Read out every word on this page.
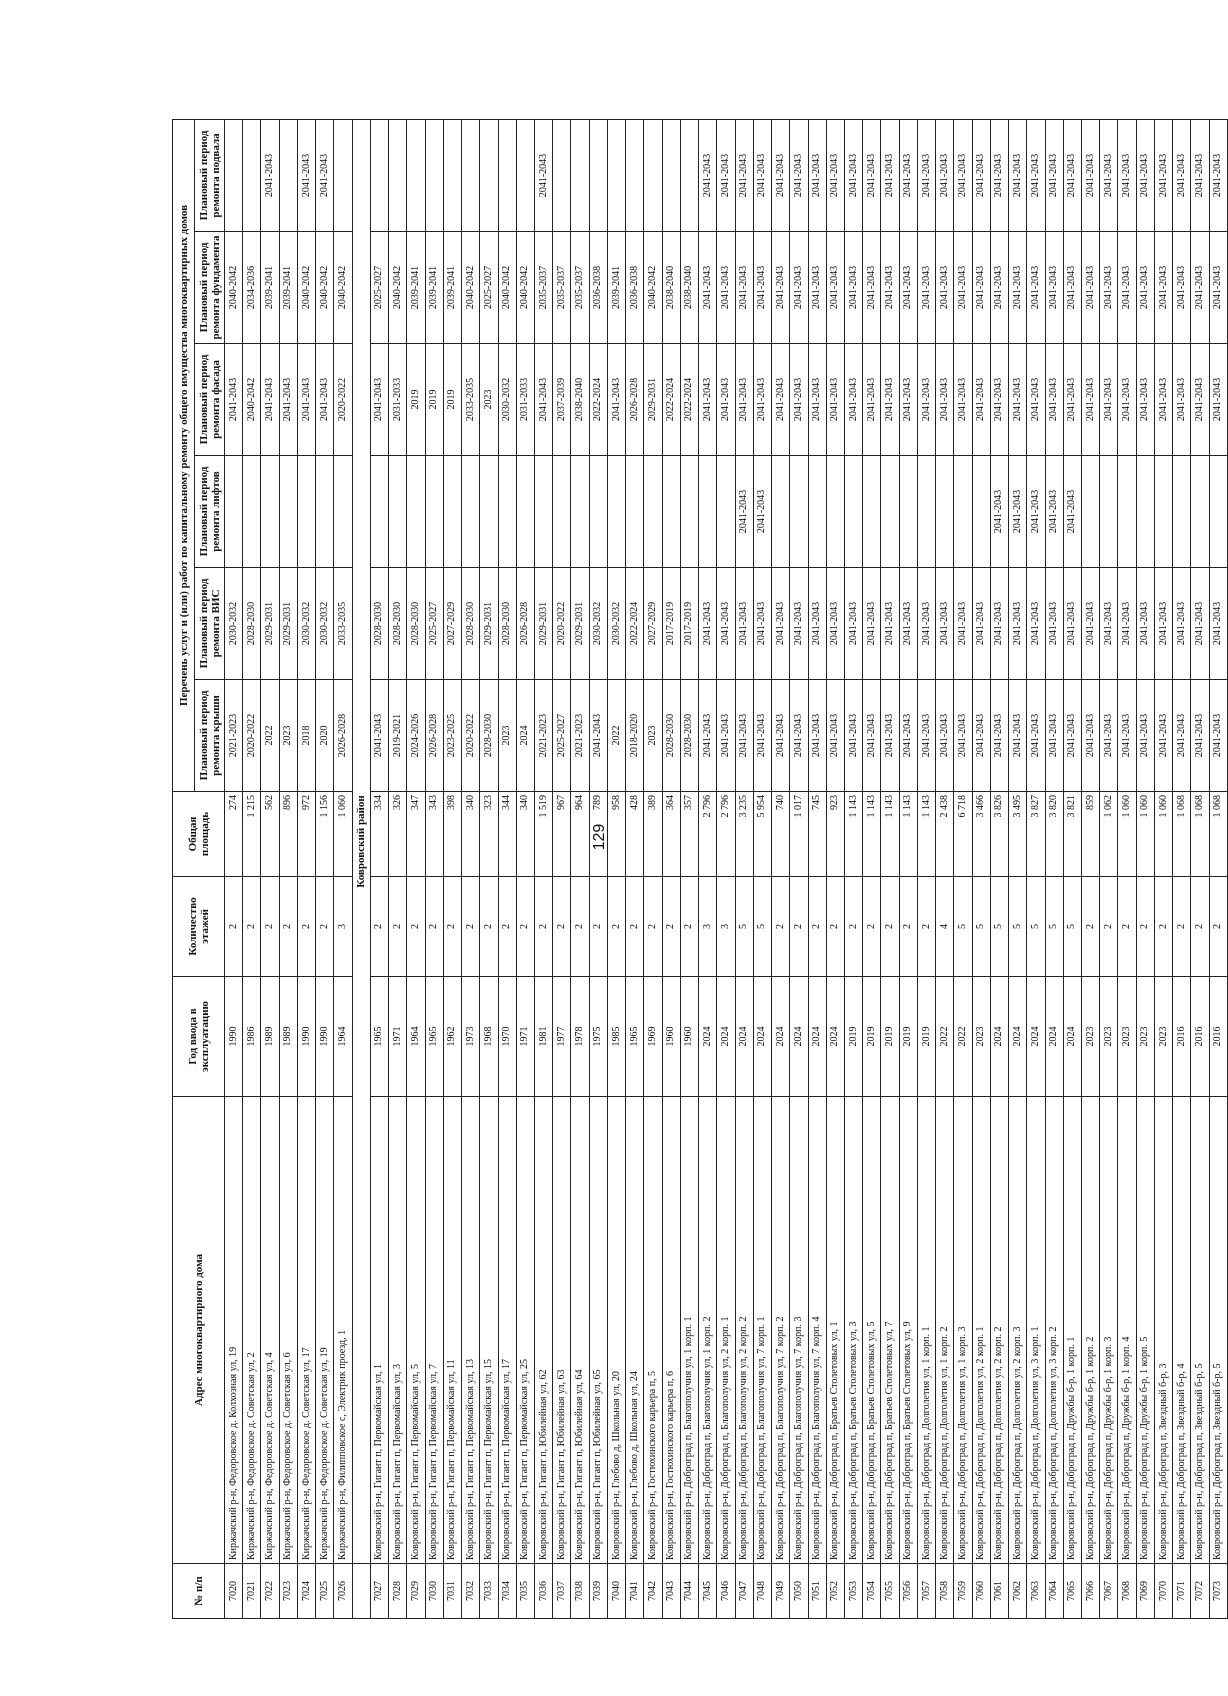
129
№ п/п	Адрес многоквартирного дома	Год ввода в эксплуатацию	Количество этажей	Общая площадь	Перечень услуг и (или) работ по капитальному ремонту общего имущества многоквартирных домов					
					Плановый период ремонта крыши	Плановый период ремонта ВИС	Плановый период ремонта лифтов	Плановый период ремонта фасада	Плановый период ремонта фундамента	Плановый период ремонта подвала
7020	Киржачский р-н, Федоровское д. Колхозная ул, 19	1990	2	274	2021-2023	2030-2032		2041-2043	2040-2042	
7021	Киржачский р-н, Федоровское д. Советская ул, 2	1986	2	1 215	2020-2022	2028-2030		2040-2042	2034-2036	
7022	Киржачский р-н, Федоровское д. Советская ул, 4	1989	2	562	2022	2029-2031		2041-2043	2039-2041	2041-2043
7023	Киржачский р-н, Федоровское д. Советская ул, 6	1989	2	896	2023	2029-2031		2041-2043	2039-2041	
7024	Киржачский р-н, Федоровское д. Советская ул, 17	1990	2	972	2018	2030-2032		2041-2043	2040-2042	2041-2043
7025	Киржачский р-н, Федоровское д. Советская ул, 19	1990	2	1 156	2020	2030-2032		2041-2043	2040-2042	2041-2043
7026	Киржачский р-н, Филипповское с, Электрик проезд, 1	1964	3	1 060	2026-2028	2033-2035		2020-2022	2040-2042	
	Ковровский район									
7027	Ковровский р-н, Гигант п, Первомайская ул, 1	1965	2	334	2041-2043	2028-2030		2041-2043	2025-2027	
7028	Ковровский р-н, Гигант п, Первомайская ул, 3	1971	2	326	2019-2021	2028-2030		2031-2033	2040-2042	
7029	Ковровский р-н, Гигант п, Первомайская ул, 5	1964	2	347	2024-2026	2028-2030		2019	2039-2041	
7030	Ковровский р-н, Гигант п, Первомайская ул, 7	1965	2	343	2026-2028	2025-2027		2019	2039-2041	
7031	Ковровский р-н, Гигант п, Первомайская ул, 11	1962	2	398	2023-2025	2027-2029		2019	2039-2041	
7032	Ковровский р-н, Гигант п, Первомайская ул, 13	1973	2	340	2020-2022	2028-2030		2033-2035	2040-2042	
7033	Ковровский р-н, Гигант п, Первомайская ул, 15	1968	2	323	2028-2030	2029-2031		2023	2025-2027	
7034	Ковровский р-н, Гигант п, Первомайская ул, 17	1970	2	344	2023	2028-2030		2030-2032	2040-2042	
7035	Ковровский р-н, Гигант п, Первомайская ул, 25	1971	2	340	2024	2026-2028		2031-2033	2040-2042	
7036	Ковровский р-н, Гигант п, Юбилейная ул, 62	1981	2	1 519	2021-2023	2029-2031		2041-2043	2035-2037	2041-2043
7037	Ковровский р-н, Гигант п, Юбилейная ул, 63	1977	2	967	2025-2027	2020-2022		2037-2039	2035-2037	
7038	Ковровский р-н, Гигант п, Юбилейная ул, 64	1978	2	964	2021-2023	2029-2031		2038-2040	2035-2037	
7039	Ковровский р-н, Гигант п, Юбилейная ул, 65	1975	2	789	2041-2043	2030-2032		2022-2024	2036-2038	
7040	Ковровский р-н, Глебово д, Школьная ул, 20	1985	2	958	2022	2030-2032		2041-2043	2039-2041	
7041	Ковровский р-н, Глебово д, Школьная ул, 24	1965	2	428	2018-2020	2022-2024		2026-2028	2036-2038	
7042	Ковровский р-н, Гостюхинского карьера п, 5	1969	2	389	2023	2027-2029		2029-2031	2040-2042	
7043	Ковровский р-н, Гостюхинского карьера п, 6	1960	2	364	2028-2030	2017-2019		2022-2024	2038-2040	
7044	Ковровский р-н, Доброград п, Благополучия ул, 1 корп. 1	1960	2	357	2028-2030	2017-2019		2022-2024	2038-2040	
7045	Ковровский р-н, Доброград п, Благополучия ул, 1 корп. 2	2024	3	2 796	2041-2043	2041-2043		2041-2043	2041-2043	2041-2043
7046	Ковровский р-н, Доброград п, Благополучия ул, 2 корп. 1	2024	3	2 796	2041-2043	2041-2043		2041-2043	2041-2043	2041-2043
7047	Ковровский р-н, Доброград п, Благополучия ул, 2 корп. 2	2024	5	3 235	2041-2043	2041-2043	2041-2043	2041-2043	2041-2043	2041-2043
7048	Ковровский р-н, Доброград п, Благополучия ул, 7 корп. 1	2024	5	5 954	2041-2043	2041-2043	2041-2043	2041-2043	2041-2043	2041-2043
7049	Ковровский р-н, Доброград п, Благополучия ул, 7 корп. 2	2024	2	740	2041-2043	2041-2043		2041-2043	2041-2043	2041-2043
7050	Ковровский р-н, Доброград п, Благополучия ул, 7 корп. 3	2024	2	1 017	2041-2043	2041-2043		2041-2043	2041-2043	2041-2043
7051	Ковровский р-н, Доброград п, Благополучия ул, 7 корп. 4	2024	2	745	2041-2043	2041-2043		2041-2043	2041-2043	2041-2043
7052	Ковровский р-н, Доброград п, Братьев Столетовых ул, 1	2024	2	923	2041-2043	2041-2043		2041-2043	2041-2043	2041-2043
7053	Ковровский р-н, Доброград п, Братьев Столетовых ул, 3	2019	2	1 143	2041-2043	2041-2043		2041-2043	2041-2043	2041-2043
7054	Ковровский р-н, Доброград п, Братьев Столетовых ул, 5	2019	2	1 143	2041-2043	2041-2043		2041-2043	2041-2043	2041-2043
7055	Ковровский р-н, Доброград п, Братьев Столетовых ул, 7	2019	2	1 143	2041-2043	2041-2043		2041-2043	2041-2043	2041-2043
7056	Ковровский р-н, Доброград п, Братьев Столетовых ул, 9	2019	2	1 143	2041-2043	2041-2043		2041-2043	2041-2043	2041-2043
7057	Ковровский р-н, Доброград п, Долголетия ул, 1 корп. 1	2019	2	1 143	2041-2043	2041-2043		2041-2043	2041-2043	2041-2043
7058	Ковровский р-н, Доброград п, Долголетия ул, 1 корп. 2	2022	4	2 438	2041-2043	2041-2043		2041-2043	2041-2043	2041-2043
7059	Ковровский р-н, Доброград п, Долголетия ул, 1 корп. 3	2022	5	6 718	2041-2043	2041-2043		2041-2043	2041-2043	2041-2043
7060	Ковровский р-н, Доброград п, Долголетия ул, 2 корп. 1	2023	5	3 466	2041-2043	2041-2043		2041-2043	2041-2043	2041-2043
7061	Ковровский р-н, Доброград п, Долголетия ул, 2 корп. 2	2024	5	3 826	2041-2043	2041-2043	2041-2043	2041-2043	2041-2043	2041-2043
7062	Ковровский р-н, Доброград п, Долголетия ул, 2 корп. 3	2024	5	3 495	2041-2043	2041-2043	2041-2043	2041-2043	2041-2043	2041-2043
7063	Ковровский р-н, Доброград п, Долголетия ул, 3 корп. 1	2024	5	3 827	2041-2043	2041-2043	2041-2043	2041-2043	2041-2043	2041-2043
7064	Ковровский р-н, Доброград п, Долголетия ул, 3 корп. 2	2024	5	3 820	2041-2043	2041-2043	2041-2043	2041-2043	2041-2043	2041-2043
7065	Ковровский р-н, Доброград п, Дружбы б-р, 1 корп. 1	2024	5	3 821	2041-2043	2041-2043	2041-2043	2041-2043	2041-2043	2041-2043
7066	Ковровский р-н, Доброград п, Дружбы б-р, 1 корп. 2	2023	2	859	2041-2043	2041-2043		2041-2043	2041-2043	2041-2043
7067	Ковровский р-н, Доброград п, Дружбы б-р, 1 корп. 3	2023	2	1 062	2041-2043	2041-2043		2041-2043	2041-2043	2041-2043
7068	Ковровский р-н, Доброград п, Дружбы б-р, 1 корп. 4	2023	2	1 060	2041-2043	2041-2043		2041-2043	2041-2043	2041-2043
7069	Ковровский р-н, Доброград п, Дружбы б-р, 1 корп. 5	2023	2	1 060	2041-2043	2041-2043		2041-2043	2041-2043	2041-2043
7070	Ковровский р-н, Доброград п, Звездный б-р, 3	2023	2	1 060	2041-2043	2041-2043		2041-2043	2041-2043	2041-2043
7071	Ковровский р-н, Доброград п, Звездный б-р, 4	2016	2	1 068	2041-2043	2041-2043		2041-2043	2041-2043	2041-2043
7072	Ковровский р-н, Доброград п, Звездный б-р, 5	2016	2	1 068	2041-2043	2041-2043		2041-2043	2041-2043	2041-2043
7073	Ковровский р-н, Доброград п, Звездный б-р, 5	2016	2	1 068	2041-2043	2041-2043		2041-2043	2041-2043	2041-2043
